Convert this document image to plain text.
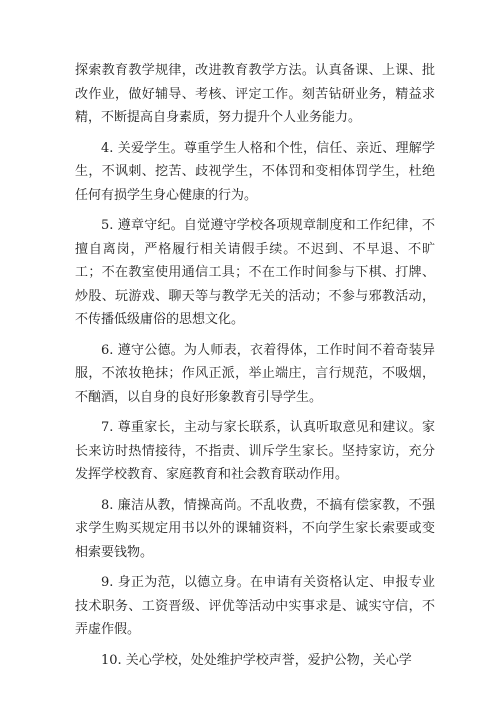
探索教育教学规律，改进教育教学方法。认真备课、上课、批改作业，做好辅导、考核、评定工作。刻苦钻研业务，精益求精，不断提高自身素质，努力提升个人业务能力。

4. 关爱学生。尊重学生人格和个性，信任、亲近、理解学生，不讽刺、挖苦、歧视学生，不体罚和变相体罚学生，杜绝任何有损学生身心健康的行为。

5. 遵章守纪。自觉遵守学校各项规章制度和工作纪律，不擅自离岗，严格履行相关请假手续。不迟到、不早退、不旷工；不在教室使用通信工具；不在工作时间参与下棋、打牌、炒股、玩游戏、聊天等与教学无关的活动；不参与邪教活动，不传播低级庸俗的思想文化。

6. 遵守公德。为人师表，衣着得体，工作时间不着奇装异服，不浓妆艳抹；作风正派，举止端庄，言行规范，不吸烟，不酗酒，以自身的良好形象教育引导学生。

7. 尊重家长，主动与家长联系，认真听取意见和建议。家长来访时热情接待，不指责、训斥学生家长。坚持家访，充分发挥学校教育、家庭教育和社会教育联动作用。

8. 廉洁从教，情操高尚。不乱收费，不搞有偿家教，不强求学生购买规定用书以外的课辅资料，不向学生家长索要或变相索要钱物。

9. 身正为范，以德立身。在申请有关资格认定、申报专业技术职务、工资晋级、评优等活动中实事求是、诚实守信，不弄虚作假。

10. 关心学校，处处维护学校声誉，爱护公物，关心学
